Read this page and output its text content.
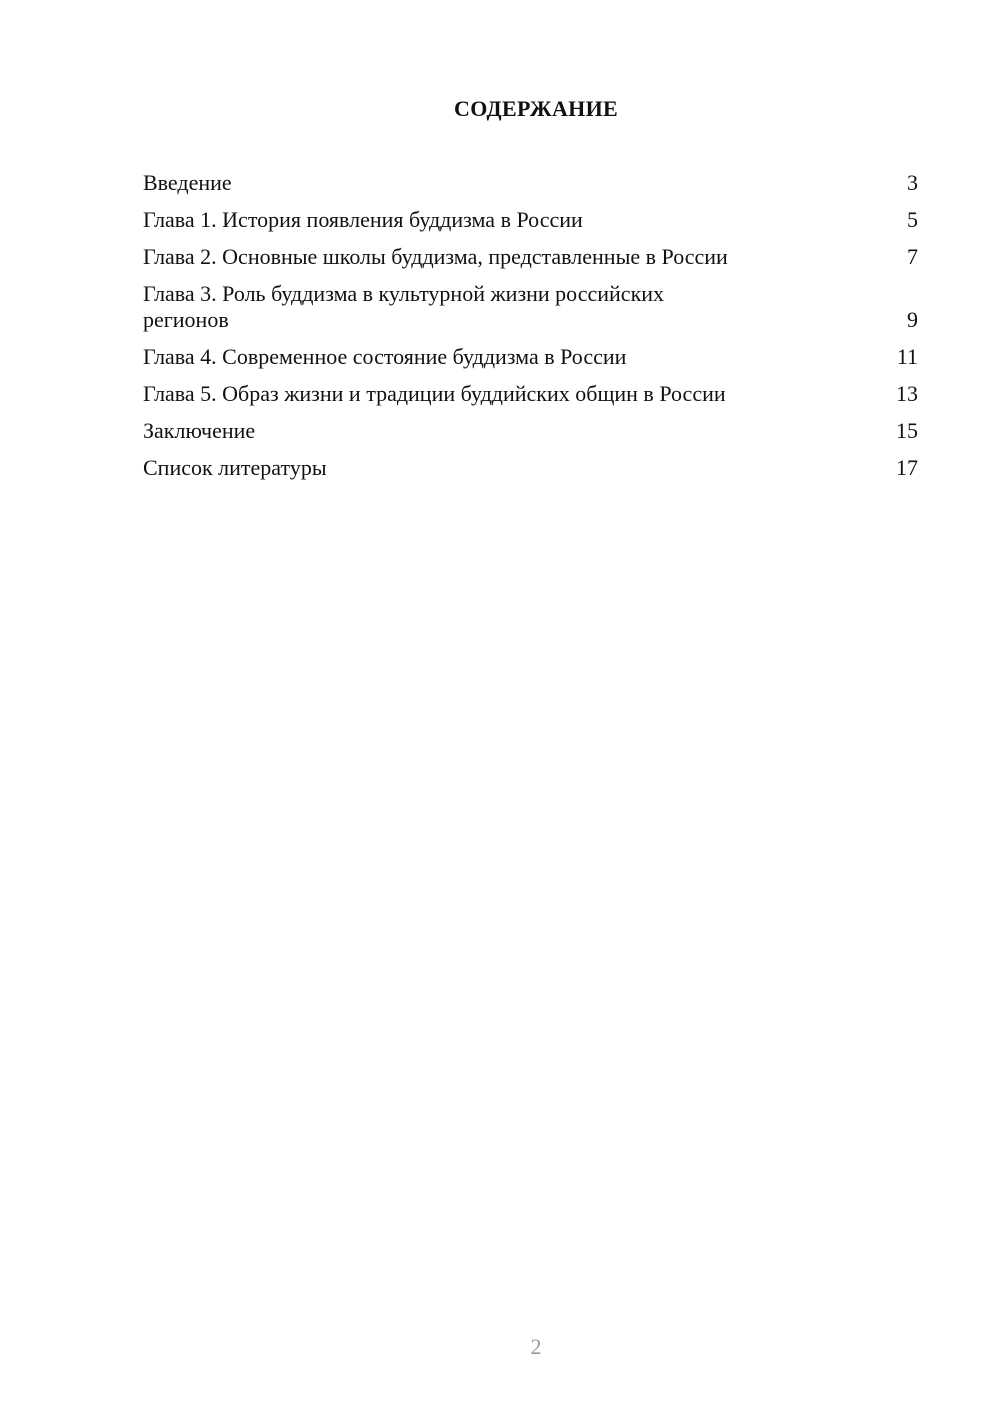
СОДЕРЖАНИЕ
Введение	3
Глава 1. История появления буддизма в России	5
Глава 2. Основные школы буддизма, представленные в России	7
Глава 3. Роль буддизма в культурной жизни российских регионов	9
Глава 4. Современное состояние буддизма в России	11
Глава 5. Образ жизни и традиции буддийских общин в России	13
Заключение	15
Список литературы	17
2
